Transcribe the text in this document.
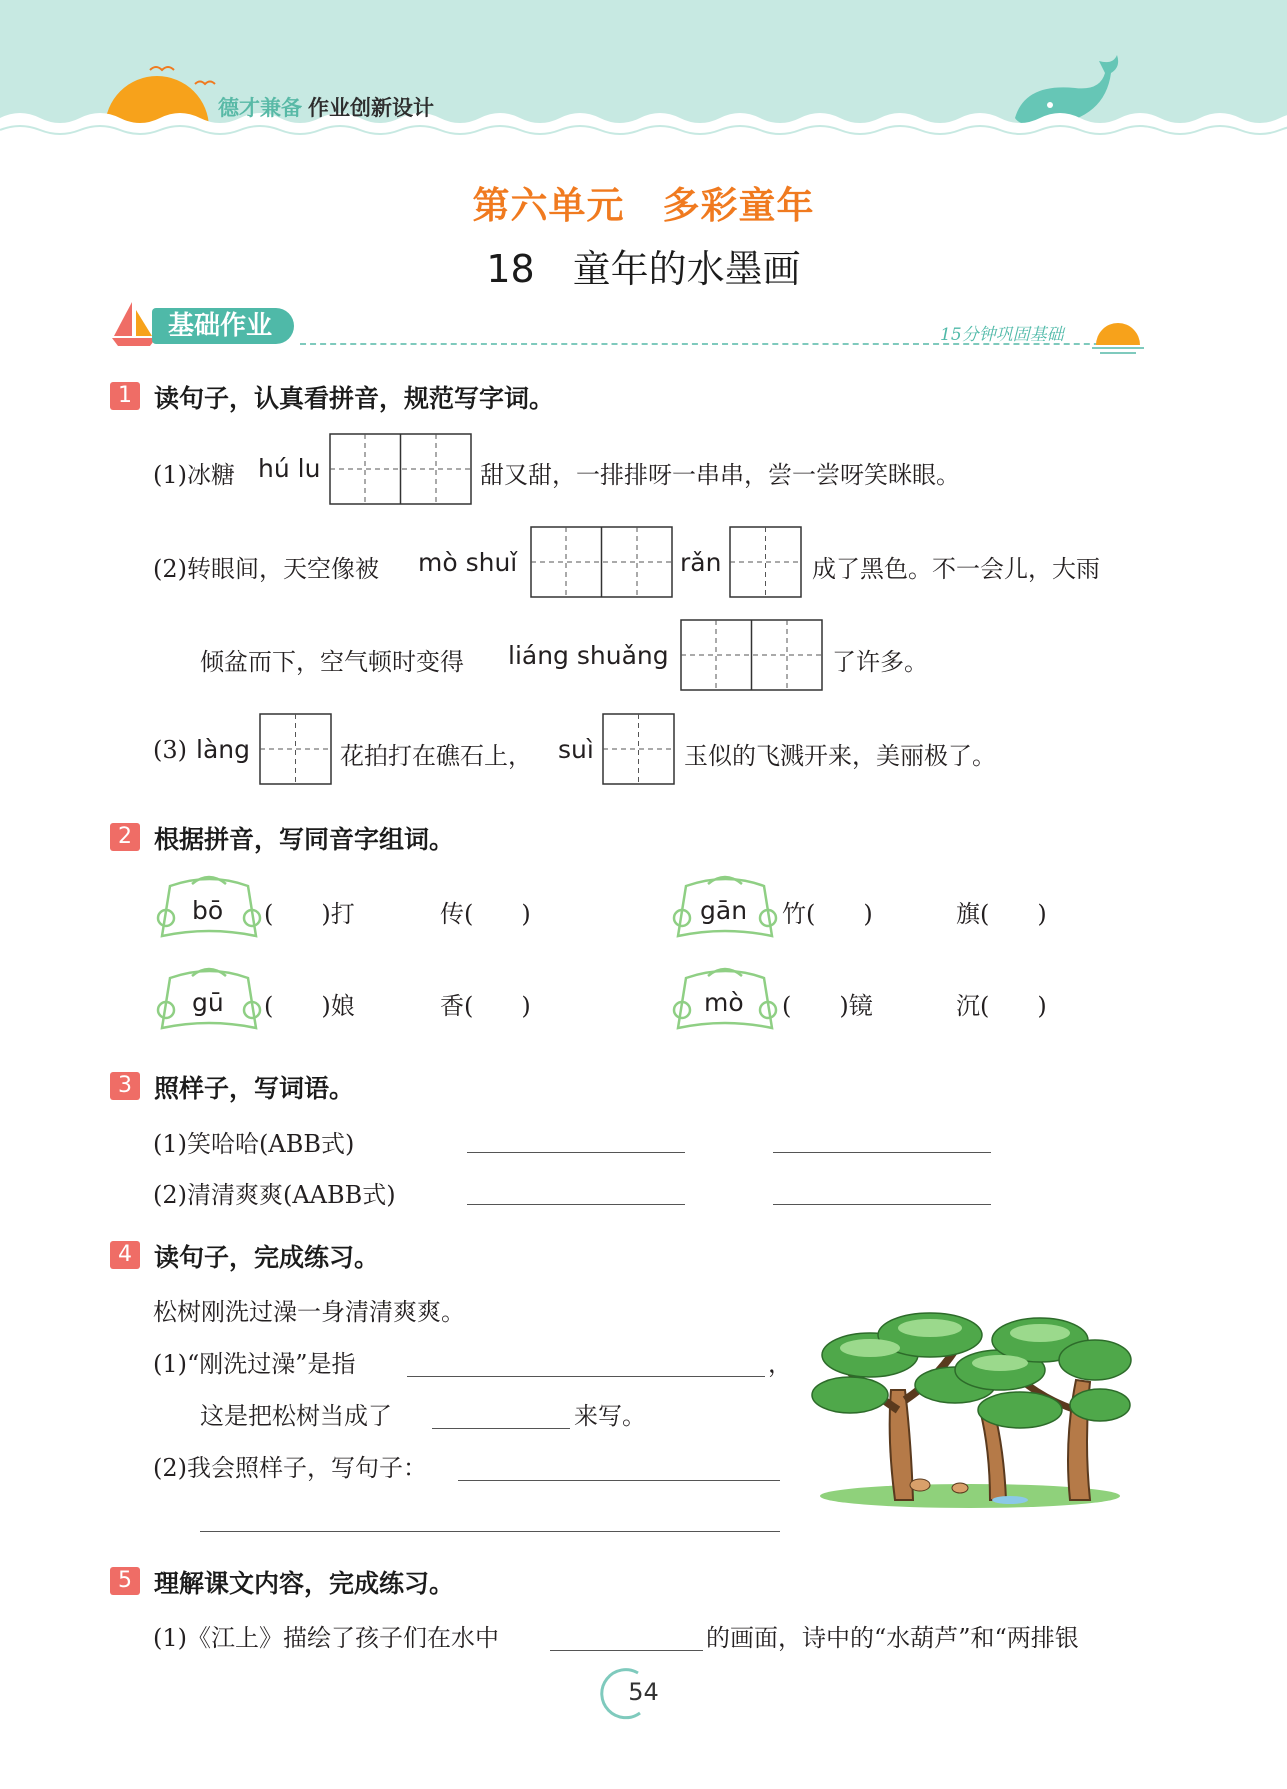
德才兼备 作业创新设计
第六单元　多彩童年
18　童年的水墨画
基础作业	15分钟巩固基础
1 读句子，认真看拼音，规范写字词。
(1)冰糖 hú lu	甜又甜，一排排呀一串串，尝一尝呀笑眯眼。
(2)转眼间，天空像被 mò shuǐ	rǎn	成了黑色。不一会儿，大雨
倾盆而下，空气顿时变得 liáng shuǎng	了许多。
(3) làng	花拍打在礁石上， suì	玉似的飞溅开来，美丽极了。
2 根据拼音，写同音字组词。
bō (　　)打	传(　　)	gān 竹(　　)	旗(　　)
gū (　　)娘	香(　　)	mò (　　)镜	沉(　　)
3 照样子，写词语。
(1)笑哈哈(ABB式)
(2)清清爽爽(AABB式)
4 读句子，完成练习。
松树刚洗过澡一身清清爽爽。
(1)“刚洗过澡”是指	，
这是把松树当成了	来写。
(2)我会照样子，写句子：
5 理解课文内容，完成练习。
(1)《江上》描绘了孩子们在水中	的画面，诗中的“水葫芦”和“两排银
54
